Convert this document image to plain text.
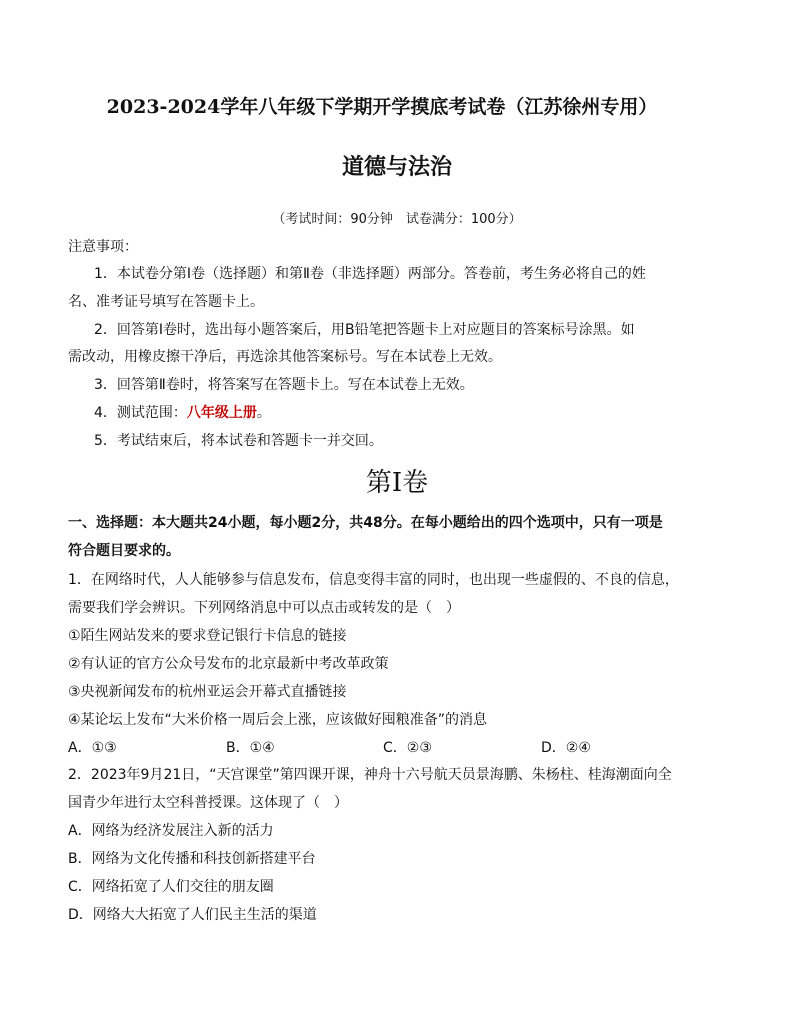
2023-2024学年八年级下学期开学摸底考试卷（江苏徐州专用）
道德与法治
（考试时间：90分钟　试卷满分：100分）
注意事项：
1．本试卷分第Ⅰ卷（选择题）和第Ⅱ卷（非选择题）两部分。答卷前，考生务必将自己的姓
名、准考证号填写在答题卡上。
2．回答第Ⅰ卷时，选出每小题答案后，用B铅笔把答题卡上对应题目的答案标号涂黑。如
需改动，用橡皮擦干净后，再选涂其他答案标号。写在本试卷上无效。
3．回答第Ⅱ卷时，将答案写在答题卡上。写在本试卷上无效。
4．测试范围：八年级上册。
5．考试结束后，将本试卷和答题卡一并交回。
第Ⅰ卷
一、选择题：本大题共24小题，每小题2分，共48分。在每小题给出的四个选项中，只有一项是
符合题目要求的。
1．在网络时代，人人能够参与信息发布，信息变得丰富的同时，也出现一些虚假的、不良的信息，
需要我们学会辨识。下列网络消息中可以点击或转发的是（　）
①陌生网站发来的要求登记银行卡信息的链接
②有认证的官方公众号发布的北京最新中考改革政策
③央视新闻发布的杭州亚运会开幕式直播链接
④某论坛上发布“大米价格一周后会上涨，应该做好囤粮准备”的消息
A．①③	B．①④	C．②③	D．②④
2．2023年9月21日，“天宫课堂”第四课开课，神舟十六号航天员景海鹏、朱杨柱、桂海潮面向全
国青少年进行太空科普授课。这体现了（　）
A．网络为经济发展注入新的活力
B．网络为文化传播和科技创新搭建平台
C．网络拓宽了人们交往的朋友圈
D．网络大大拓宽了人们民主生活的渠道
